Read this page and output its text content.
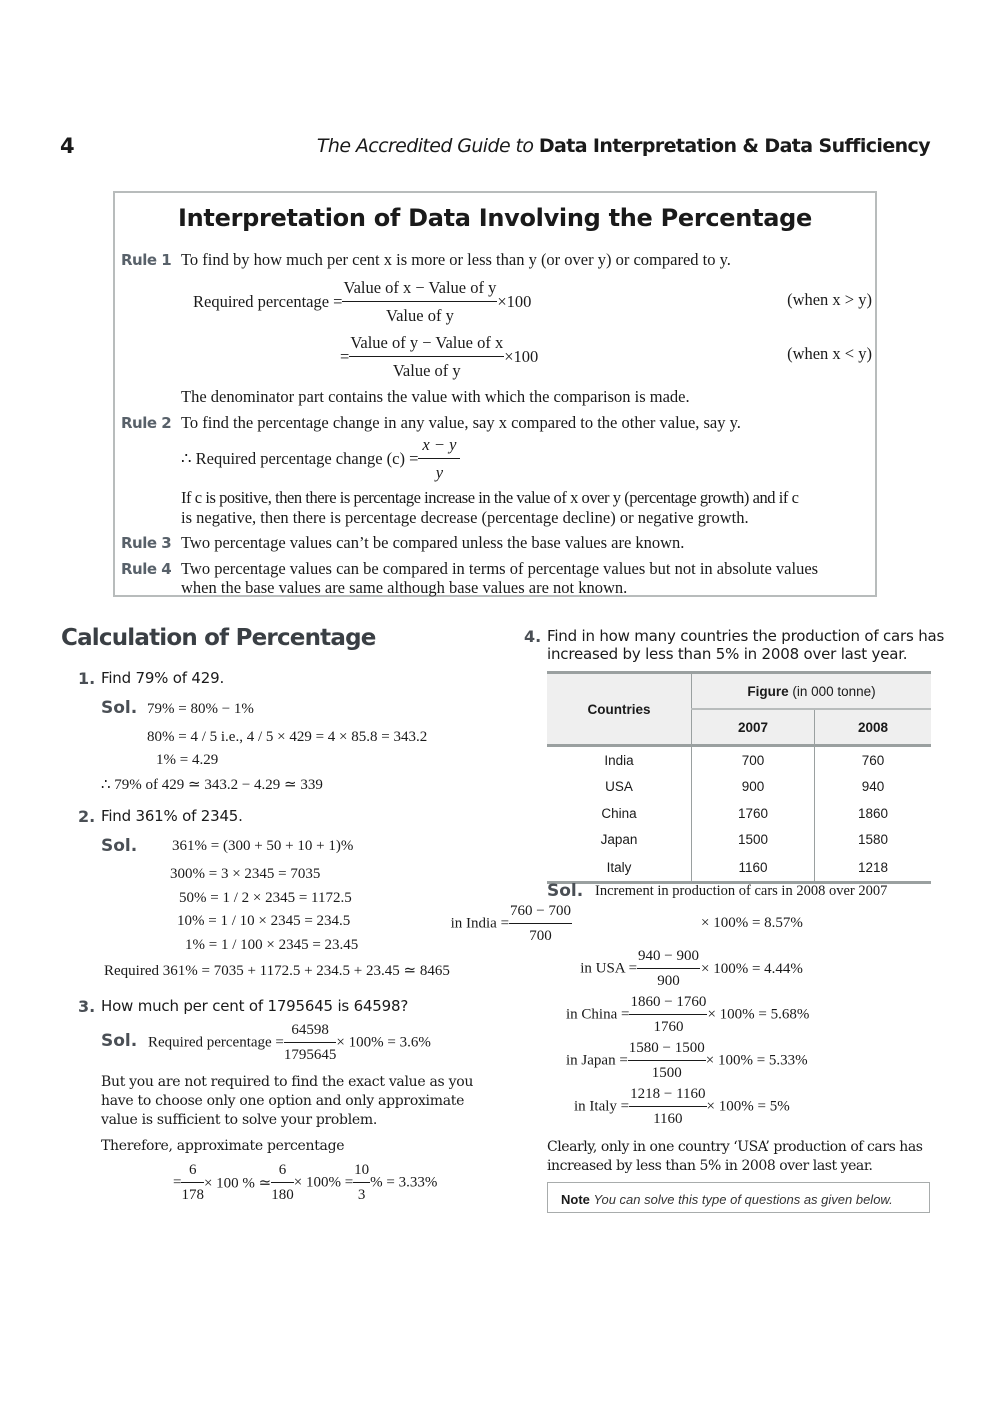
4	The Accredited Guide to Data Interpretation & Data Sufficiency
Interpretation of Data Involving the Percentage
Rule 1 To find by how much per cent x is more or less than y (or over y) or compared to y.
Required percentage = $\frac{\text{Value of x − Value of y}}{\text{Value of y}} \times 100$	(when x > y)
= $\frac{\text{Value of y − Value of x}}{\text{Value of y}} \times 100$	(when x < y)
The denominator part contains the value with which the comparison is made.
Rule 2 To find the percentage change in any value, say x compared to the other value, say y.
∴ Required percentage change $(c) = \frac{x - y}{y}$
If c is positive, then there is percentage increase in the value of x over y (percentage growth) and if c
is negative, then there is percentage decrease (percentage decline) or negative growth.
Rule 3 Two percentage values can’t be compared unless the base values are known.
Rule 4 Two percentage values can be compared in terms of percentage values but not in absolute values
when the base values are same although base values are not known.
Calculation of Percentage
1. Find 79% of 429.
Sol. 79% = 80% − 1%
80% = 4 / 5 i.e., 4 / 5 × 429 = 4 × 85.8 = 343.2
1% = 4.29
∴ 79% of 429 ≃ 343.2 − 4.29 ≃ 339
2. Find 361% of 2345.
Sol. 361% = (300 + 50 + 10 + 1)%
300% = 3 × 2345 = 7035
50% = 1 / 2 × 2345 = 1172.5
10% = 1 / 10 × 2345 = 234.5
1% = 1 / 100 × 2345 = 23.45
Required 361% = 7035 + 1172.5 + 234.5 + 23.45 ≃ 8465
3. How much per cent of 1795645 is 64598?
Sol. Required percentage = $\frac{64598}{1795645} \times 100\% = 3.6\%$
But you are not required to find the exact value as you
have to choose only one option and only approximate
value is sufficient to solve your problem.
Therefore, approximate percentage
= $\frac{6}{178} \times 100$ % ≃ $\frac{6}{180} \times 100\% = \frac{10}{3}$ % = 3.33%
4. Find in how many countries the production of cars has
increased by less than 5% in 2008 over last year.
Countries	Figure (in 000 tonne)	
	2007	2008
India	700	760
USA	900	940
China	1760	1860
Japan	1500	1580
Italy	1160	1218
Sol. Increment in production of cars in 2008 over 2007
in India = $\frac{760 - 700}{700}$	× 100% = 8.57%
in USA = $\frac{940 - 900}{900} \times 100\% = 4.44\%$
in China = $\frac{1860 - 1760}{1760} \times 100\% = 5.68\%$
in Japan = $\frac{1580 - 1500}{1500} \times 100\% = 5.33\%$
in Italy = $\frac{1218 - 1160}{1160} \times 100\% = 5\%$
Clearly, only in one country ‘USA’ production of cars has
increased by less than 5% in 2008 over last year.
Note You can solve this type of questions as given below.
